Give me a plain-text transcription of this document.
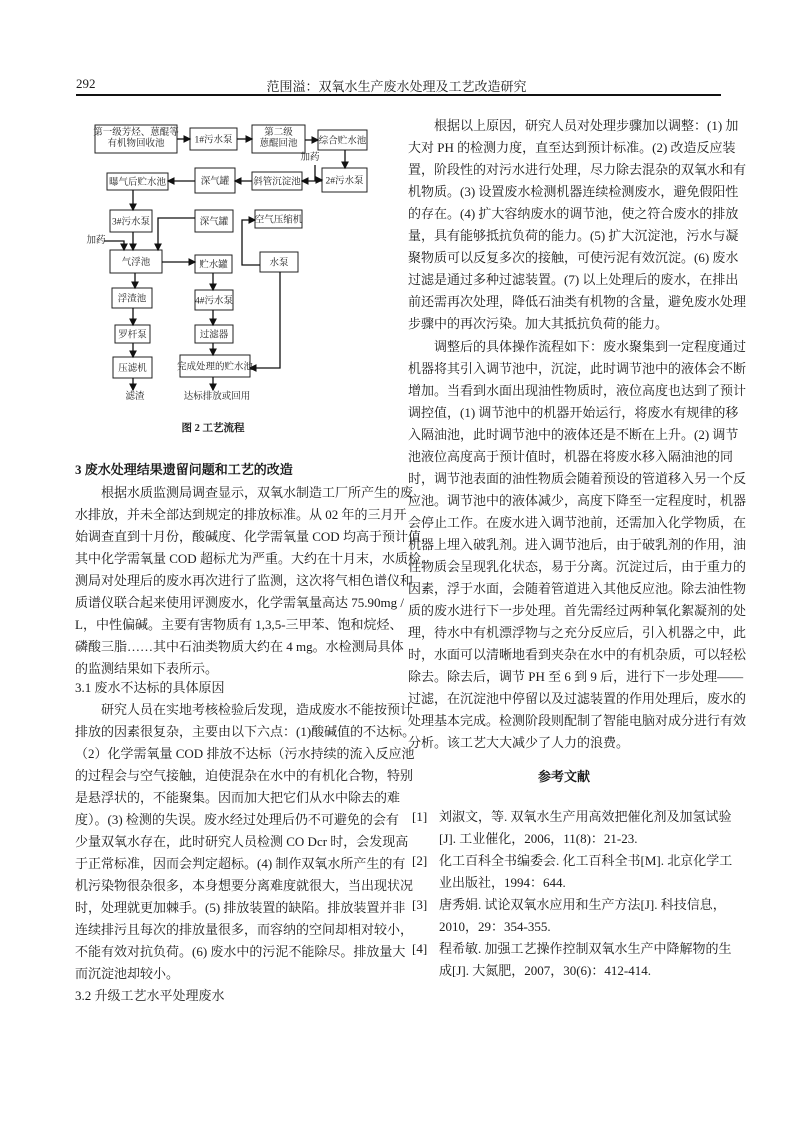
292	范围溢：双氧水生产废水处理及工艺改造研究
第一级芳烃、蒽醌等
有机物回收池	1#污水泵
第二级
蒽醌回池 综合贮水池
2#污水泵
斜管沉淀池
深气罐
曝气后贮水池
3#污水泵	深气罐	空气压缩机
气浮池	贮水罐	水泵
浮渣池	4#污水泵
罗杆泵	过滤器
压滤机	完成处理的贮水池
加药
加药
滤渣	达标排放或回用
图 2 工艺流程
3 废水处理结果遗留问题和工艺的改造
根据水质监测局调查显示，双氧水制造工厂所产生的废
水排放，并未全部达到规定的排放标准。从 02 年的三月开
始调查直到十月份，酸碱度、化学需氧量 COD 均高于预计值，
其中化学需氧量 COD 超标尤为严重。大约在十月末，水质检
测局对处理后的废水再次进行了监测，这次将气相色谱仪和
质谱仪联合起来使用评测废水，化学需氧量高达 75.90mg /
L，中性偏碱。主要有害物质有 1,3,5-三甲苯、饱和烷烃、
磷酸三脂……其中石油类物质大约在 4 mg。水检测局具体
的监测结果如下表所示。
3.1 废水不达标的具体原因
研究人员在实地考核检验后发现，造成废水不能按预计
排放的因素很复杂，主要由以下六点：(1)酸碱值的不达标。
（2）化学需氧量 COD 排放不达标（污水持续的流入反应池
的过程会与空气接触，迫使混杂在水中的有机化合物，特别
是悬浮状的，不能聚集。因而加大把它们从水中除去的难
度）。(3) 检测的失误。废水经过处理后仍不可避免的会有
少量双氧水存在，此时研究人员检测 CO Dcr 时，会发现高
于正常标准，因而会判定超标。(4) 制作双氧水所产生的有
机污染物很杂很多，本身想要分离难度就很大，当出现状况
时，处理就更加棘手。(5) 排放装置的缺陷。排放装置并非
连续排污且每次的排放量很多，而容纳的空间却相对较小，
不能有效对抗负荷。(6) 废水中的污泥不能除尽。排放量大
而沉淀池却较小。
3.2 升级工艺水平处理废水
根据以上原因，研究人员对处理步骤加以调整：(1) 加
大对 PH 的检测力度，直至达到预计标准。(2) 改造反应装
置，阶段性的对污水进行处理，尽力除去混杂的双氧水和有
机物质。(3) 设置废水检测机器连续检测废水，避免假阳性
的存在。(4) 扩大容纳废水的调节池，使之符合废水的排放
量，具有能够抵抗负荷的能力。(5) 扩大沉淀池，污水与凝
聚物质可以反复多次的接触，可使污泥有效沉淀。(6) 废水
过滤是通过多种过滤装置。(7) 以上处理后的废水，在排出
前还需再次处理，降低石油类有机物的含量，避免废水处理
步骤中的再次污染。加大其抵抗负荷的能力。
调整后的具体操作流程如下：废水聚集到一定程度通过
机器将其引入调节池中，沉淀，此时调节池中的液体会不断
增加。当看到水面出现油性物质时，液位高度也达到了预计
调控值，(1) 调节池中的机器开始运行，将废水有规律的移
入隔油池，此时调节池中的液体还是不断在上升。(2) 调节
池液位高度高于预计值时，机器在将废水移入隔油池的同
时，调节池表面的油性物质会随着预设的管道移入另一个反
应池。调节池中的液体减少，高度下降至一定程度时，机器
会停止工作。在废水进入调节池前，还需加入化学物质，在
机器上埋入破乳剂。进入调节池后，由于破乳剂的作用，油
性物质会呈现乳化状态，易于分离。沉淀过后，由于重力的
因素，浮于水面，会随着管道进入其他反应池。除去油性物
质的废水进行下一步处理。首先需经过两种氧化絮凝剂的处
理，待水中有机漂浮物与之充分反应后，引入机器之中，此
时，水面可以清晰地看到夹杂在水中的有机杂质，可以轻松
除去。除去后，调节 PH 至 6 到 9 后，进行下一步处理——
过滤，在沉淀池中停留以及过滤装置的作用处理后，废水的
处理基本完成。检测阶段则配制了智能电脑对成分进行有效
分析。该工艺大大减少了人力的浪费。
参考文献
[1] 刘淑文，等. 双氧水生产用高效把催化剂及加氢试验
[J]. 工业催化，2006，11(8)：21-23.
[2] 化工百科全书编委会. 化工百科全书[M]. 北京化学工
业出版社，1994：644.
[3] 唐秀娟. 试论双氧水应用和生产方法[J]. 科技信息，
2010，29：354-355.
[4] 程希敏. 加强工艺操作控制双氧水生产中降解物的生
成[J]. 大氮肥，2007，30(6)：412-414.
